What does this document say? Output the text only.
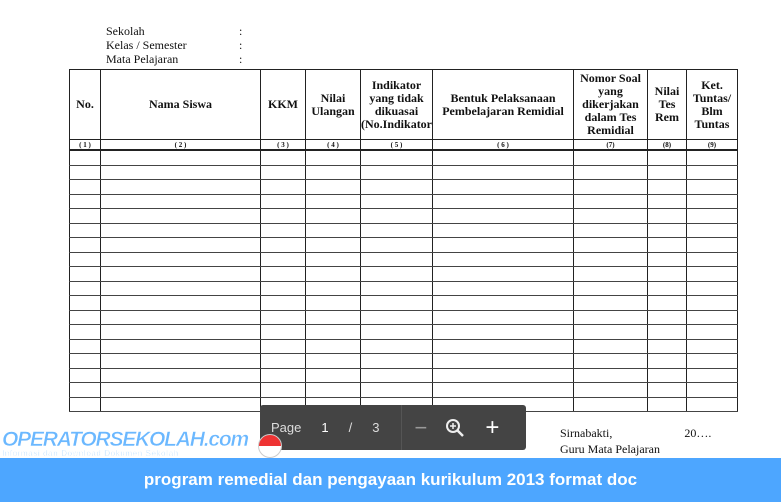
Sekolah	:
Kelas / Semester	:
Mata Pelajaran	:
No.	Nama Siswa	KKM	Nilai Ulangan	Indikator yang tidak dikuasai (No.Indikator	Bentuk Pelaksanaan Pembelajaran Remidial	Nomor Soal yang dikerjakan dalam Tes Remidial	Nilai Tes Rem	Ket. Tuntas/ Blm Tuntas
( 1 )	( 2 )	( 3 )	( 4 )	( 5 )	( 6 )	(7)	(8)	(9)

Sirnabakti,	20….
Guru Mata Pelajaran
Page 1 / 3 − +
OPERATORSEKOLAH.com
Informasi dan Download Dokumen Sekolah
program remedial dan pengayaan kurikulum 2013 format doc
